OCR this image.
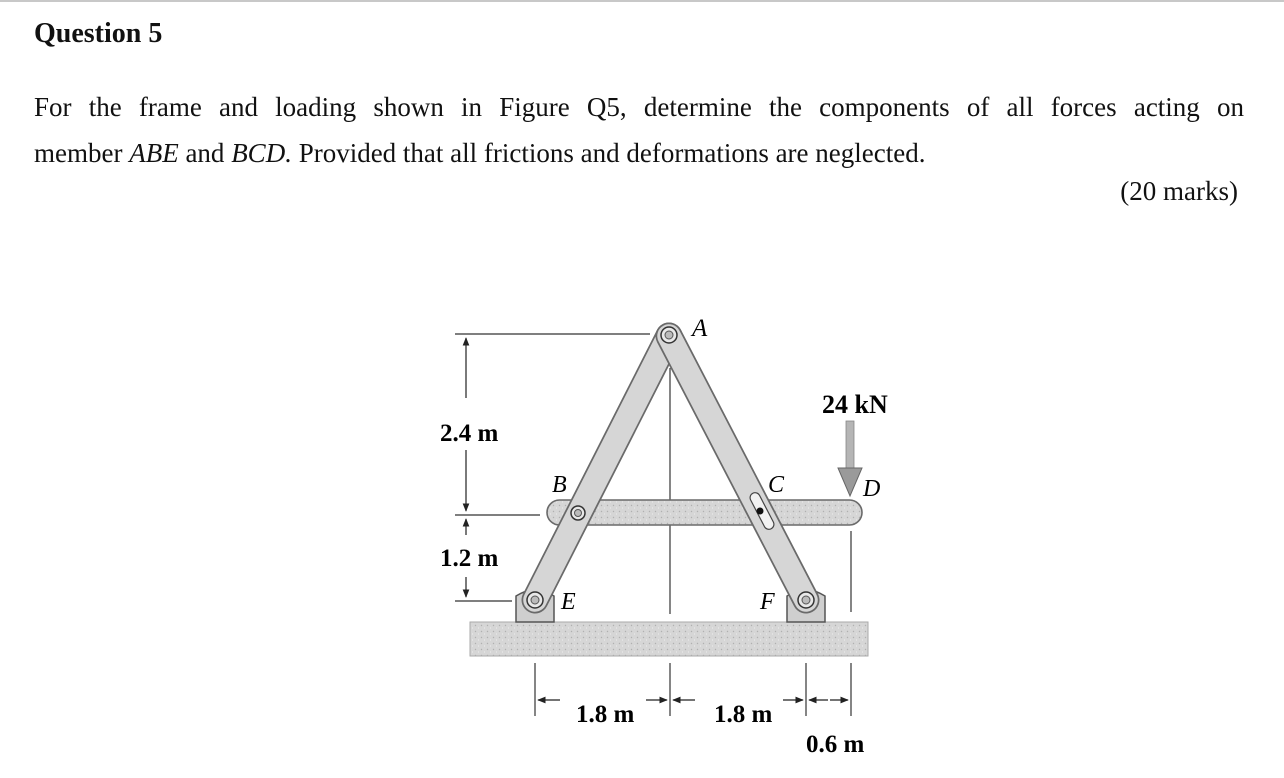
Question 5
For the frame and loading shown in Figure Q5, determine the components of all forces acting on
member ABE and BCD. Provided that all frictions and deformations are neglected.
(20 marks)
A
B	C	D
E	F
24 kN
2.4 m
1.2 m
1.8 m	1.8 m
0.6 m
